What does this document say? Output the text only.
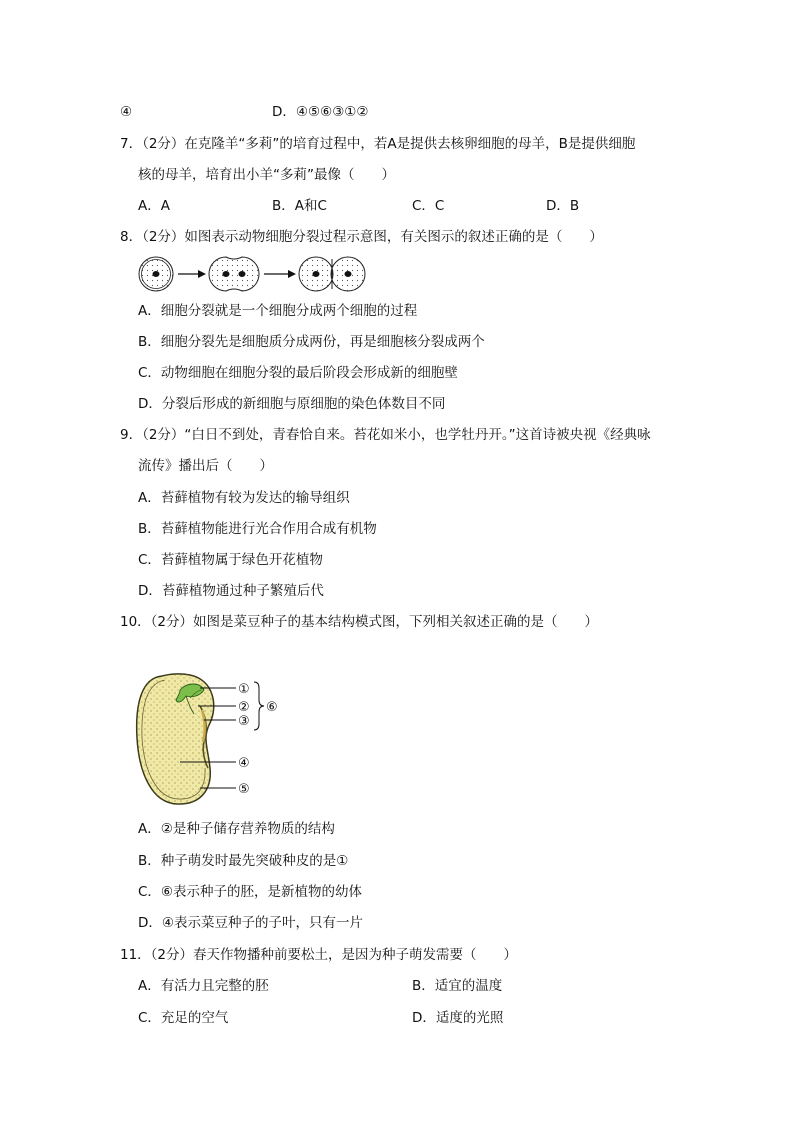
④	D．④⑤⑥③①②
7．（2分）在克隆羊“多莉”的培育过程中，若A是提供去核卵细胞的母羊，B是提供细胞
核的母羊，培育出小羊“多莉”最像（　　）
A．A	B．A和C	C．C	D．B
8．（2分）如图表示动物细胞分裂过程示意图，有关图示的叙述正确的是（　　）
A．细胞分裂就是一个细胞分成两个细胞的过程
B．细胞分裂先是细胞质分成两份，再是细胞核分裂成两个
C．动物细胞在细胞分裂的最后阶段会形成新的细胞壁
D．分裂后形成的新细胞与原细胞的染色体数目不同
9．（2分）“白日不到处，青春恰自来。苔花如米小，也学牡丹开。”这首诗被央视《经典咏
流传》播出后（　　）
A．苔藓植物有较为发达的输导组织
B．苔藓植物能进行光合作用合成有机物
C．苔藓植物属于绿色开花植物
D．苔藓植物通过种子繁殖后代
10．（2分）如图是菜豆种子的基本结构模式图，下列相关叙述正确的是（　　）
①
②
③
④
⑤
⑥
A．②是种子储存营养物质的结构
B．种子萌发时最先突破种皮的是①
C．⑥表示种子的胚，是新植物的幼体
D．④表示菜豆种子的子叶，只有一片
11．（2分）春天作物播种前要松土，是因为种子萌发需要（　　）
A．有活力且完整的胚	B．适宜的温度
C．充足的空气	D．适度的光照
